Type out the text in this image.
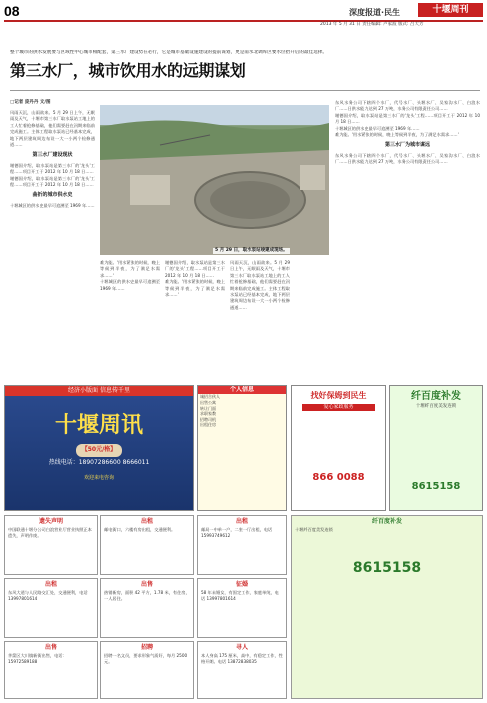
08	深度报道·民生	十堰周刊
2013 年 5 月 31 日 责任编辑: 卢家波 版式: 吕天芳
整个城市的供水发展要与区域性中心城市相配套，第三水厂建设势在必行，它是城市基础设施建设的提前谋划，更是南水北调库区要水位抬升后的最佳选择。
第三水厂，城市饮用水的远期谋划
□记者 庞丹丹 文/图

风雨天沉，山雨欲来。5 月 29 日上午，无眠雨及天气，十堰市第三水厂取水泵站工地上的工人忙着抢修基础，他们需要赶在汛期来临前完成施工。主体工程取水泵站已经基本完成，地下两层建筑周边布设一大一小两个检修通道……

第三水厂建设现状

谢德国介绍，取水泵站是第三水厂的'龙头'工程……项目开工于 2012 年 10 月 18 日……

谢德国介绍，取水泵站是第三水厂的'龙头'工程……项目开工于 2012 年 10 月 18 日……

曲折的城市供水史

十堰城区的供水史最早可追溯至 1969 年……

5 月 29 日，取水泵站竣建成现场。

难为能。'用水紧张的时候，晚上等候到半夜，为了满足水需求……'

十堰城区的供水史最早可追溯至 1969 年……

谢德国介绍，取水泵站是第三水厂的'龙头'工程……项目开工于 2012 年 10 月 18 日……

难为能。'用水紧张的时候，晚上等候到半夜，为了满足水需求……'

风雨天沉，山雨欲来。5 月 29 日上午，无眠雨及天气，十堰市第三水厂取水泵站工地上的工人忙着抢修基础，他们需要赶在汛期来临前完成施工。主体工程取水泵站已经基本完成，地下两层建筑周边布设一大一小两个检修通道……

东风水务公司下辖四个水厂，代号水厂、头堰水厂、吴家沟水厂、白浪水厂……日供水能力达到 27 万吨，水务公司有限责任公司……

谢德国介绍，取水泵站是第三水厂的'龙头'工程……项目开工于 2012 年 10 月 18 日……

十堰城区的供水史最早可追溯至 1969 年……

难为能。'用水紧张的时候，晚上等候到半夜，为了满足水需求……'

第三水厂为城市谋远

东风水务公司下辖四个水厂，代号水厂、头堰水厂、吴家沟水厂、白浪水厂……日供水能力达到 27 万吨，水务公司有限责任公司……

经济小版面 信息传千里
十堰周讯
【50元/格】
热线电话：18907286600 8666011
欢迎来电咨询
个人信息
诚招合伙人
出售公寓
转让门面
求职家教
招聘司机
出租住房
找好保姆到民生
爱心家政服务
866 0088
纤百度补发
十堰纤百度美发连锁
8615158
遗失声明
中国联通十堰分公司白浪营业厅营业执照正本遗失，声明作废。
出租
邮电街口，六楼有房出租，交通便利。
出租
邮局一中单一户，二室一厅出租，电话 15993749612
出租
东风大道与人民路交汇处，交通便利，电话 13997801614
出售
热销新房，面积 42 平方，1.78 米，有住房，一人居住。
征婚
58 年未婚女，有固定工作，家庭单纯，电话 13997801614
出售
茅箭区大川镇新街出售，电话：15972589188
招聘
招聘一名文员，要求形象气质好，每月 2500 元。
寻人
本人身高 175 厘米，高中，有稳定工作，性格开朗。电话 13872838035
纤百度补发
十堰纤百度美发连锁
8615158
